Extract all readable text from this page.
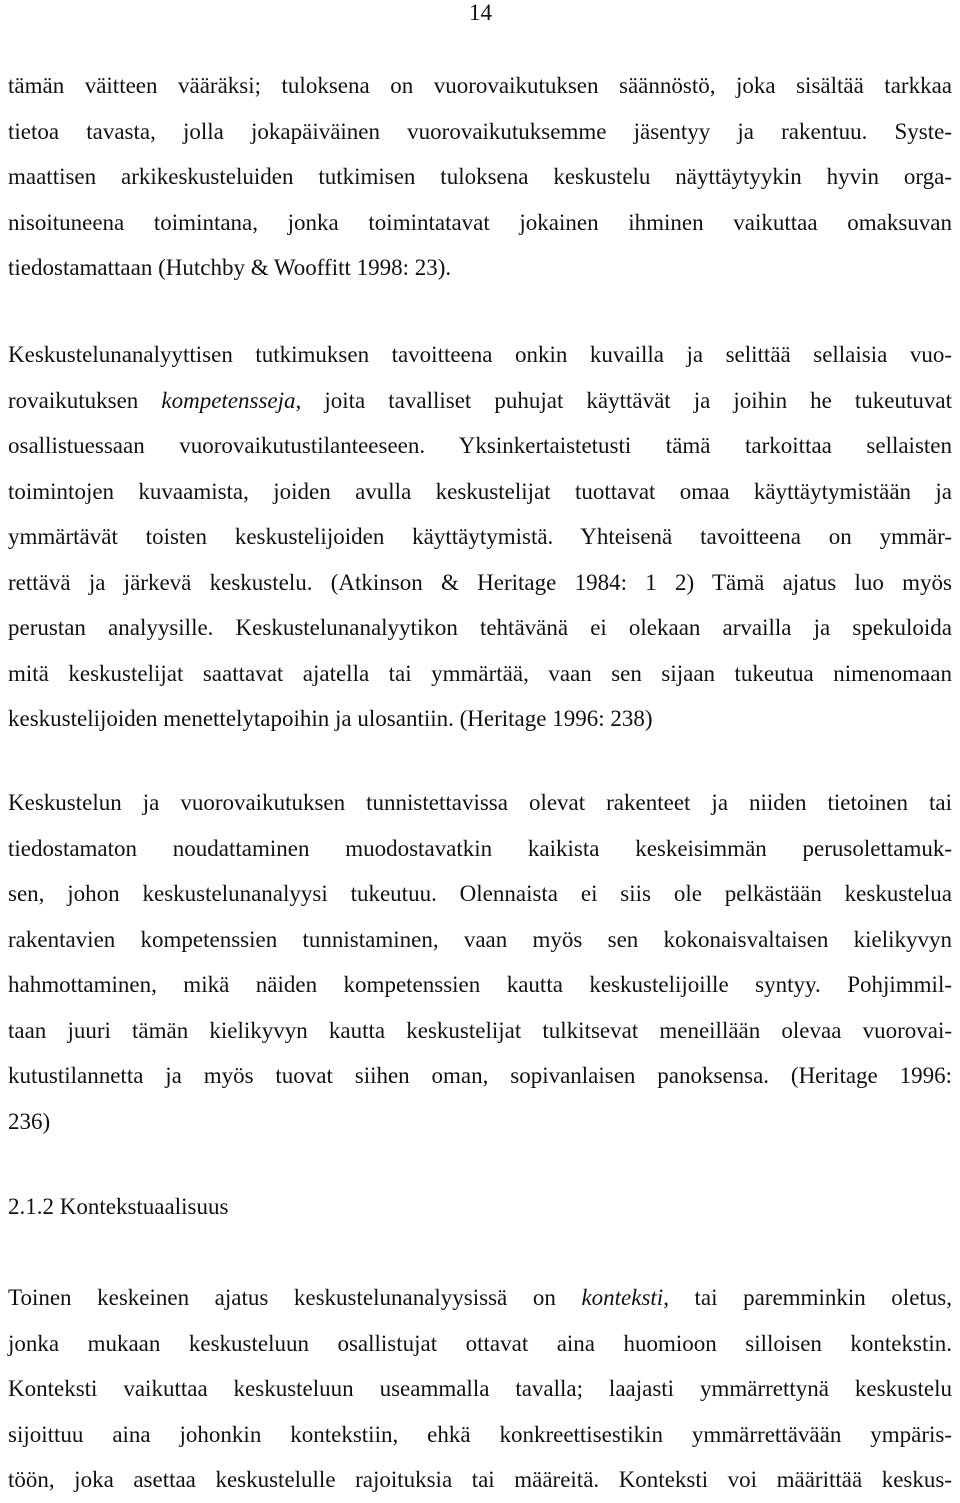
14
tämän väitteen vääräksi; tuloksena on vuorovaikutuksen säännöstö, joka sisältää tarkkaa
tietoa tavasta, jolla jokapäiväinen vuorovaikutuksemme jäsentyy ja rakentuu. Syste-
maattisen arkikeskusteluiden tutkimisen tuloksena keskustelu näyttäytyykin hyvin orga-
nisoituneena toimintana, jonka toimintatavat jokainen ihminen vaikuttaa omaksuvan
tiedostamattaan (Hutchby & Wooffitt 1998: 23).
Keskustelunanalyyttisen tutkimuksen tavoitteena onkin kuvailla ja selittää sellaisia vuo-
rovaikutuksen kompetensseja, joita tavalliset puhujat käyttävät ja joihin he tukeutuvat
osallistuessaan vuorovaikutustilanteeseen. Yksinkertaistetusti tämä tarkoittaa sellaisten
toimintojen kuvaamista, joiden avulla keskustelijat tuottavat omaa käyttäytymistään ja
ymmärtävät toisten keskustelijoiden käyttäytymistä. Yhteisenä tavoitteena on ymmär-
rettävä ja järkevä keskustelu. (Atkinson & Heritage 1984: 1 2) Tämä ajatus luo myös
perustan analyysille. Keskustelunanalyytikon tehtävänä ei olekaan arvailla ja spekuloida
mitä keskustelijat saattavat ajatella tai ymmärtää, vaan sen sijaan tukeutua nimenomaan
keskustelijoiden menettelytapoihin ja ulosantiin. (Heritage 1996: 238)
Keskustelun ja vuorovaikutuksen tunnistettavissa olevat rakenteet ja niiden tietoinen tai
tiedostamaton noudattaminen muodostavatkin kaikista keskeisimmän perusolettamuk-
sen, johon keskustelunanalyysi tukeutuu. Olennaista ei siis ole pelkästään keskustelua
rakentavien kompetenssien tunnistaminen, vaan myös sen kokonaisvaltaisen kielikyvyn
hahmottaminen, mikä näiden kompetenssien kautta keskustelijoille syntyy. Pohjimmil-
taan juuri tämän kielikyvyn kautta keskustelijat tulkitsevat meneillään olevaa vuorovai-
kutustilannetta ja myös tuovat siihen oman, sopivanlaisen panoksensa. (Heritage 1996:
236)
2.1.2 Kontekstuaalisuus
Toinen keskeinen ajatus keskustelunanalyysissä on konteksti, tai paremminkin oletus,
jonka mukaan keskusteluun osallistujat ottavat aina huomioon silloisen kontekstin.
Konteksti vaikuttaa keskusteluun useammalla tavalla; laajasti ymmärrettynä keskustelu
sijoittuu aina johonkin kontekstiin, ehkä konkreettisestikin ymmärrettävään ympäris-
töön, joka asettaa keskustelulle rajoituksia tai määreitä. Konteksti voi määrittää keskus-
